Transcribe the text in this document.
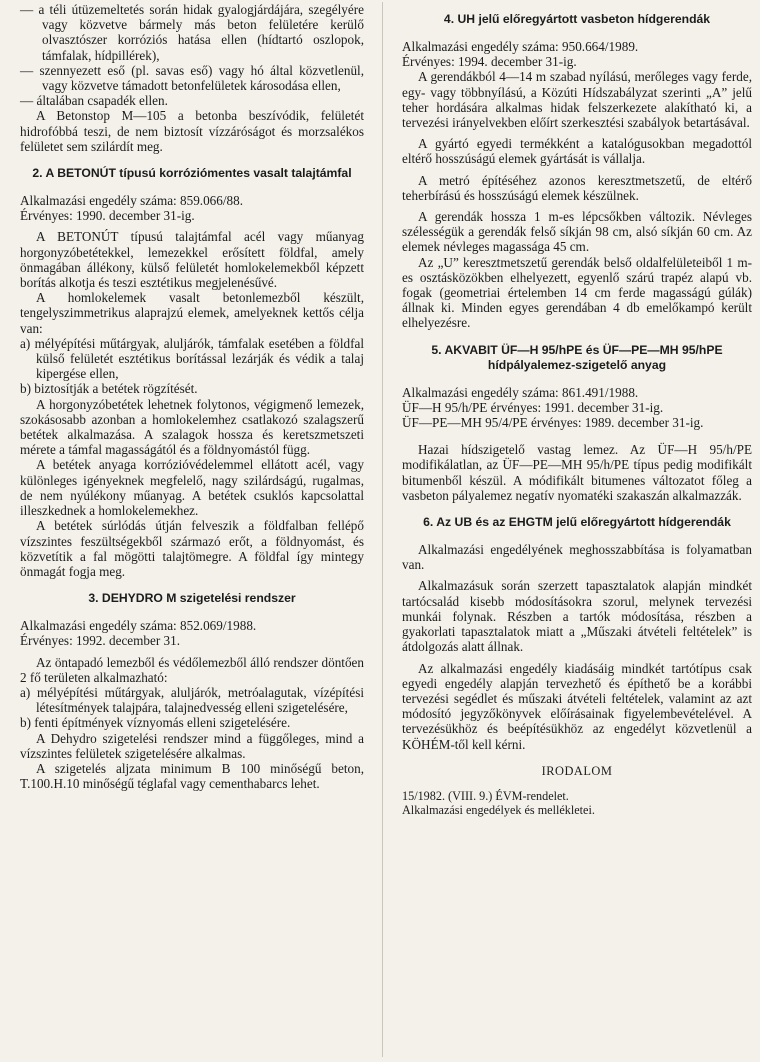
— a téli útüzemeltetés során hidak gyalogjárdájára, szegélyére vagy közvetve bármely más beton felületére kerülő olvasztószer korróziós hatása ellen (hídtartó oszlopok, támfalak, hídpillérek),

— szennyezett eső (pl. savas eső) vagy hó által közvetlenül, vagy közvetve támadott betonfelületek károsodása ellen,

— általában csapadék ellen.

A Betonstop M—105 a betonba beszívódik, felületét hidrofóbbá teszi, de nem biztosít vízzáróságot és morzsalékos felületet sem szilárdít meg.

2. A BETONÚT típusú korróziómentes vasalt talajtámfal

Alkalmazási engedély száma: 859.066/88.

Érvényes: 1990. december 31-ig.

A BETONÚT típusú talajtámfal acél vagy műanyag horgonyzóbetétekkel, lemezekkel erősített földfal, amely önmagában állékony, külső felületét homlokelemekből képzett borítás alkotja és teszi esztétikus megjelenésűvé.

A homlokelemek vasalt betonlemezből készült, tengelyszimmetrikus alaprajzú elemek, amelyeknek kettős célja van:

a) mélyépítési műtárgyak, aluljárók, támfalak esetében a földfal külső felületét esztétikus borítással lezárják és védik a talaj kipergése ellen,

b) biztosítják a betétek rögzítését.

A horgonyzóbetétek lehetnek folytonos, végigmenő lemezek, szokásosabb azonban a homlokelemhez csatlakozó szalagszerű betétek alkalmazása. A szalagok hossza és keretszmetszeti mérete a támfal magasságától és a földnyomástól függ.

A betétek anyaga korrózióvédelemmel ellátott acél, vagy különleges igényeknek megfelelő, nagy szilárdságú, rugalmas, de nem nyúlékony műanyag. A betétek csuklós kapcsolattal illeszkednek a homlokelemekhez.

A betétek súrlódás útján felveszik a földfalban fellépő vízszintes feszültségekből származó erőt, a földnyomást, és közvetítik a fal mögötti talajtömegre. A földfal így mintegy önmagát fogja meg.

3. DEHYDRO M szigetelési rendszer

Alkalmazási engedély száma: 852.069/1988.

Érvényes: 1992. december 31.

Az öntapadó lemezből és védőlemezből álló rendszer döntően 2 fő területen alkalmazható:

a) mélyépítési műtárgyak, aluljárók, metróalagutak, vízépítési létesítmények talajpára, talajnedvesség elleni szigetelésére,

b) fenti építmények víznyomás elleni szigetelésére.

A Dehydro szigetelési rendszer mind a függőleges, mind a vízszintes felületek szigetelésére alkalmas.

A szigetelés aljzata minimum B 100 minőségű beton, T.100.H.10 minőségű téglafal vagy cementhabarcs lehet.

4. UH jelű előregyártott vasbeton hídgerendák

Alkalmazási engedély száma: 950.664/1989.

Érvényes: 1994. december 31-ig.

A gerendákból 4—14 m szabad nyílású, merőleges vagy ferde, egy- vagy többnyílású, a Közúti Hídszabályzat szerinti „A” jelű teher hordására alkalmas hidak felszerkezete alakítható ki, a tervezési irányelvekben előírt szerkesztési szabályok betartásával.

A gyártó egyedi termékként a katalógusokban megadottól eltérő hosszúságú elemek gyártását is vállalja.

A metró építéséhez azonos keresztmetszetű, de eltérő teherbírású és hosszúságú elemek készülnek.

A gerendák hossza 1 m-es lépcsőkben változik. Névleges szélességük a gerendák felső síkján 98 cm, alsó síkján 60 cm. Az elemek névleges magassága 45 cm.

Az „U” keresztmetszetű gerendák belső oldalfelületeiből 1 m-es osztásközökben elhelyezett, egyenlő szárú trapéz alapú vb. fogak (geometriai értelemben 14 cm ferde magasságú gúlák) állnak ki. Minden egyes gerendában 4 db emelőkampó került elhelyezésre.

5. AKVABIT ÜF—H 95/hPE és ÜF—PE—MH 95/hPE hídpályalemez-szigetelő anyag

Alkalmazási engedély száma: 861.491/1988.

ÜF—H 95/h/PE érvényes: 1991. december 31-ig.

ÜF—PE—MH 95/4/PE érvényes: 1989. december 31-ig.

Hazai hídszigetelő vastag lemez. Az ÜF—H 95/h/PE modifikálatlan, az ÜF—PE—MH 95/h/PE típus pedig modifikált bitumenből készül. A módifikált bitumenes változatot főleg a vasbeton pályalemez negatív nyomatéki szakaszán alkalmazzák.

6. Az UB és az EHGTM jelű előregyártott hídgerendák

Alkalmazási engedélyének meghosszabbítása is folyamatban van.

Alkalmazásuk során szerzett tapasztalatok alapján mindkét tartócsalád kisebb módosításokra szorul, melynek tervezési munkái folynak. Részben a tartók módosítása, részben a gyakorlati tapasztalatok miatt a „Műszaki átvételi feltételek” is átdolgozás alatt állnak.

Az alkalmazási engedély kiadásáig mindkét tartótípus csak egyedi engedély alapján tervezhető és építhető be a korábbi tervezési segédlet és műszaki átvételi feltételek, valamint az azt módosító jegyzőkönyvek előírásainak figyelembevételével. A tervezésükhöz és beépítésükhöz az engedélyt közvetlenül a KÖHÉM-től kell kérni.

IRODALOM

15/1982. (VIII. 9.) ÉVM-rendelet.

Alkalmazási engedélyek és mellékletei.
